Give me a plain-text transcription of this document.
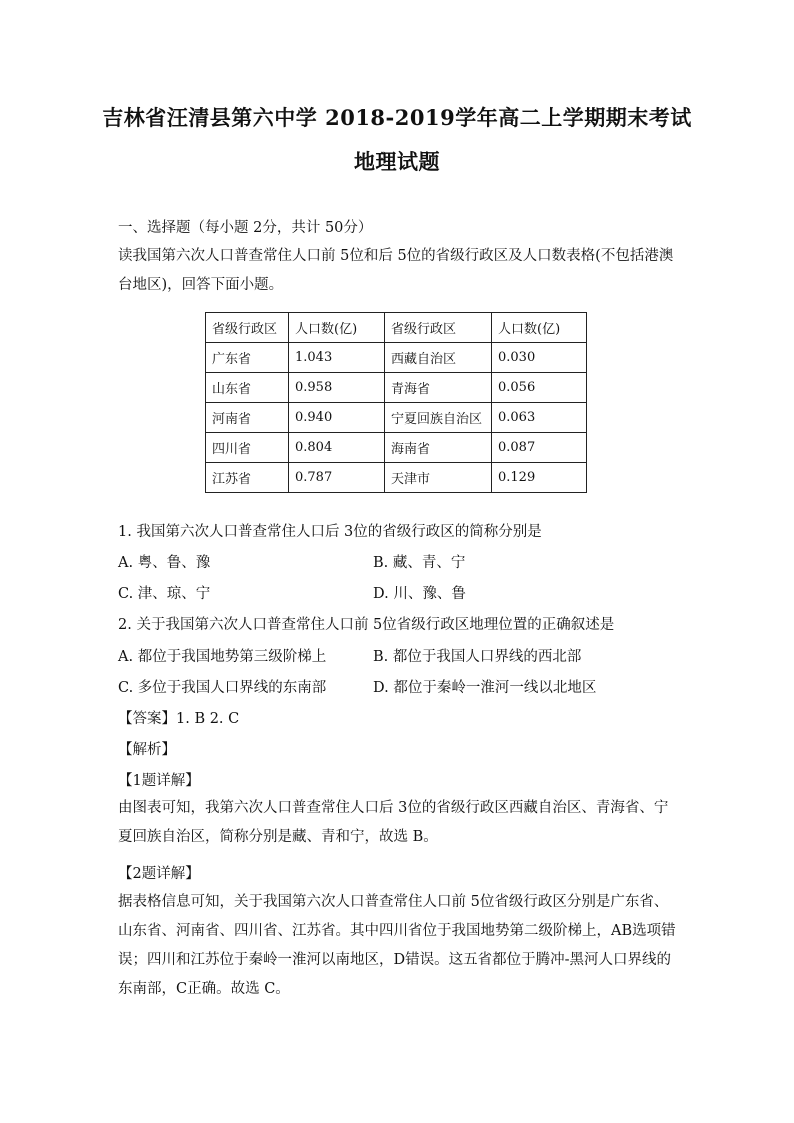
吉林省汪清县第六中学 2018-2019学年高二上学期期末考试
地理试题
一、选择题（每小题 2分，共计 50分）
读我国第六次人口普查常住人口前 5位和后 5位的省级行政区及人口数表格(不包括港澳台地区)，回答下面小题。
省级行政区	人口数(亿)	省级行政区	人口数(亿)
广东省	1.043	西藏自治区	0.030
山东省	0.958	青海省	0.056
河南省	0.940	宁夏回族自治区	0.063
四川省	0.804	海南省	0.087
江苏省	0.787	天津市	0.129
1. 我国第六次人口普查常住人口后 3位的省级行政区的简称分别是
A. 粤、鲁、豫	B. 藏、青、宁
C. 津、琼、宁	D. 川、豫、鲁
2. 关于我国第六次人口普查常住人口前 5位省级行政区地理位置的正确叙述是
A. 都位于我国地势第三级阶梯上	B. 都位于我国人口界线的西北部
C. 多位于我国人口界线的东南部	D. 都位于秦岭一淮河一线以北地区
【答案】1. B 2. C
【解析】
【1题详解】
由图表可知，我第六次人口普查常住人口后 3位的省级行政区西藏自治区、青海省、宁夏回族自治区，简称分别是藏、青和宁，故选 B。
【2题详解】
据表格信息可知，关于我国第六次人口普查常住人口前 5位省级行政区分别是广东省、山东省、河南省、四川省、江苏省。其中四川省位于我国地势第二级阶梯上，AB选项错误；四川和江苏位于秦岭一淮河以南地区，D错误。这五省都位于腾冲-黑河人口界线的东南部，C正确。故选 C。
